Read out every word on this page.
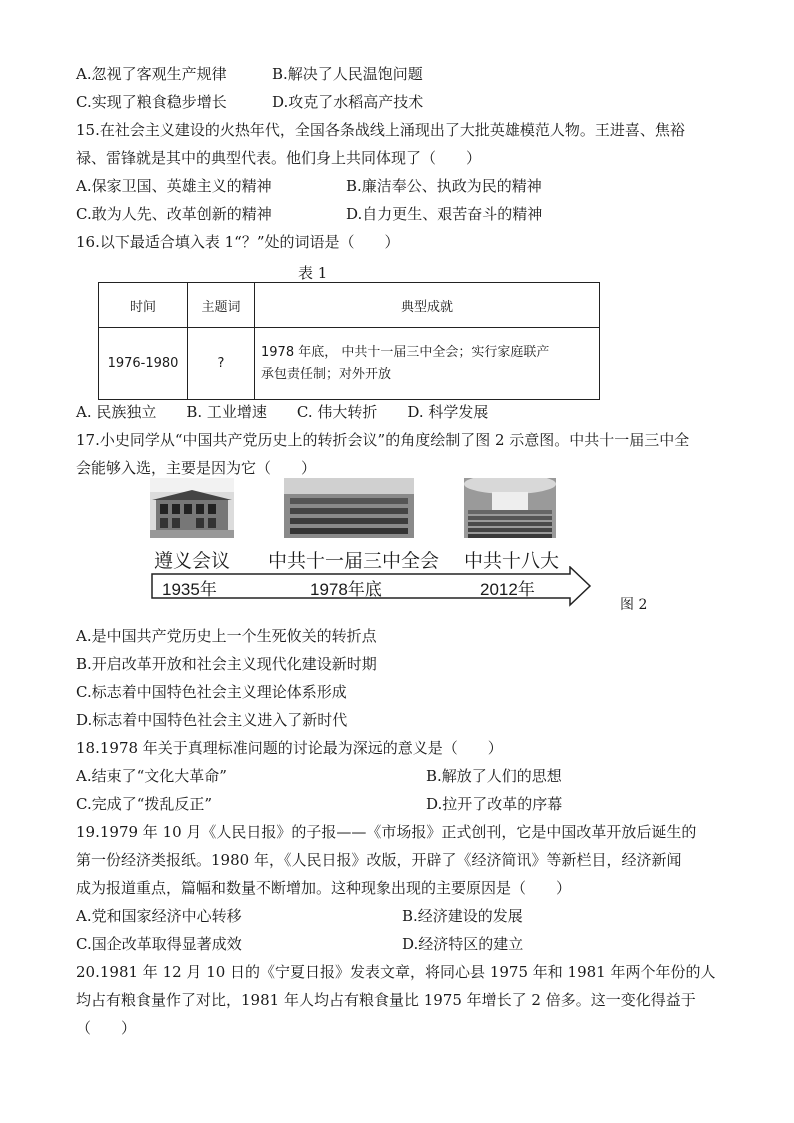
A.忽视了客观生产规律	B.解决了人民温饱问题
C.实现了粮食稳步增长	D.攻克了水稻高产技术
15.在社会主义建设的火热年代，全国各条战线上涌现出了大批英雄模范人物。王进喜、焦裕
禄、雷锋就是其中的典型代表。他们身上共同体现了（　　）
A.保家卫国、英雄主义的精神	B.廉洁奉公、执政为民的精神
C.敢为人先、改革创新的精神	D.自力更生、艰苦奋斗的精神
16.以下最适合填入表 1“？”处的词语是（　　）
表 1
时间	主题词	典型成就
1976-1980	?	1978 年底， 中共十一届三中全会；实行家庭联产
承包责任制；对外开放
A. 民族独立　　B. 工业增速　　C. 伟大转折　　D. 科学发展
17.小史同学从“中国共产党历史上的转折会议”的角度绘制了图 2 示意图。中共十一届三中全
会能够入选，主要是因为它（　　）
遵义会议 中共十一届三中全会 中共十八大
1935年	1978年底	2012年
图 2
A.是中国共产党历史上一个生死攸关的转折点
B.开启改革开放和社会主义现代化建设新时期
C.标志着中国特色社会主义理论体系形成
D.标志着中国特色社会主义进入了新时代
18.1978 年关于真理标准问题的讨论最为深远的意义是（　　）
A.结束了“文化大革命”	B.解放了人们的思想
C.完成了“拨乱反正”	D.拉开了改革的序幕
19.1979 年 10 月《人民日报》的子报——《市场报》正式创刊，它是中国改革开放后诞生的
第一份经济类报纸。1980 年，《人民日报》改版，开辟了《经济简讯》等新栏目，经济新闻
成为报道重点，篇幅和数量不断增加。这种现象出现的主要原因是（　　）
A.党和国家经济中心转移	B.经济建设的发展
C.国企改革取得显著成效	D.经济特区的建立
20.1981 年 12 月 10 日的《宁夏日报》发表文章，将同心县 1975 年和 1981 年两个年份的人
均占有粮食量作了对比，1981 年人均占有粮食量比 1975 年增长了 2 倍多。这一变化得益于
（　　）
